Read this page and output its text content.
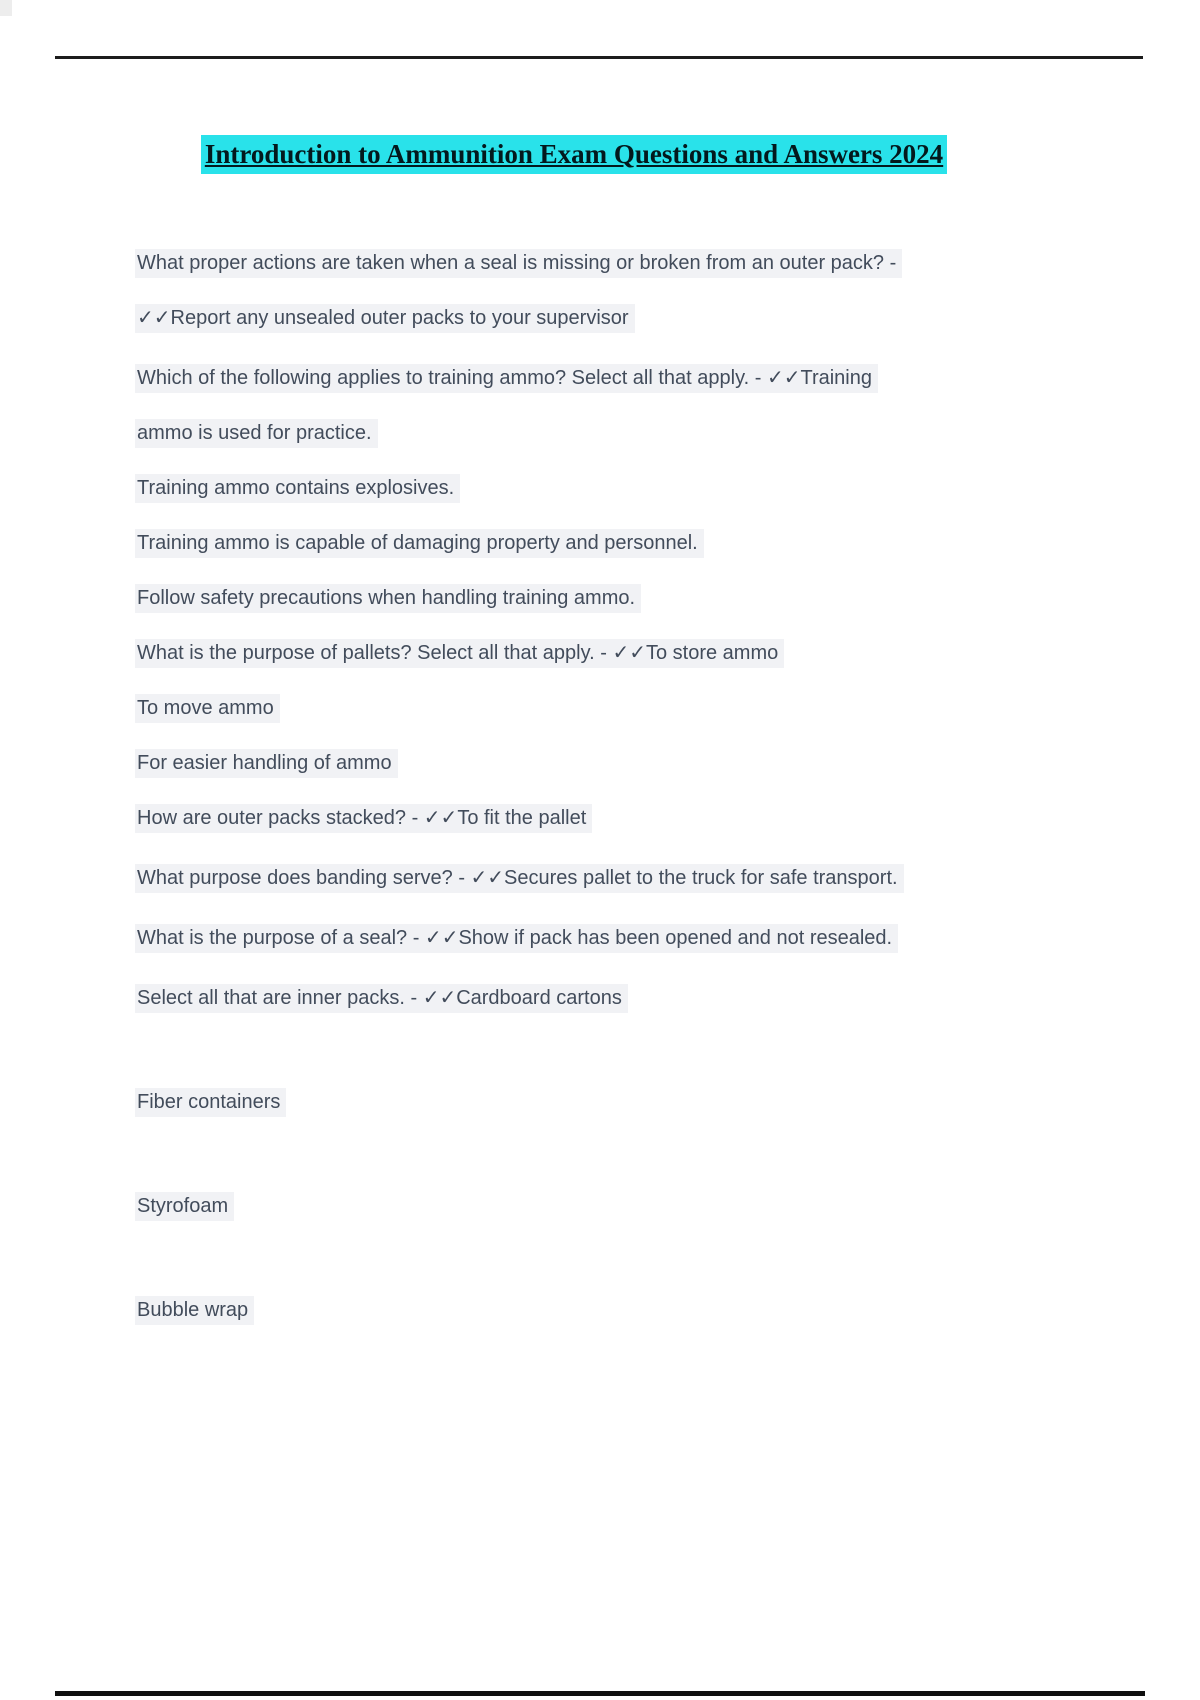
Introduction to Ammunition Exam Questions and Answers 2024

What proper actions are taken when a seal is missing or broken from an outer pack? -

✓✓Report any unsealed outer packs to your supervisor

Which of the following applies to training ammo? Select all that apply. - ✓✓Training

ammo is used for practice.

Training ammo contains explosives.

Training ammo is capable of damaging property and personnel.

Follow safety precautions when handling training ammo.

What is the purpose of pallets? Select all that apply. - ✓✓To store ammo

To move ammo

For easier handling of ammo

How are outer packs stacked? - ✓✓To fit the pallet

What purpose does banding serve? - ✓✓Secures pallet to the truck for safe transport.

What is the purpose of a seal? - ✓✓Show if pack has been opened and not resealed.

Select all that are inner packs. - ✓✓Cardboard cartons

Fiber containers

Styrofoam

Bubble wrap
